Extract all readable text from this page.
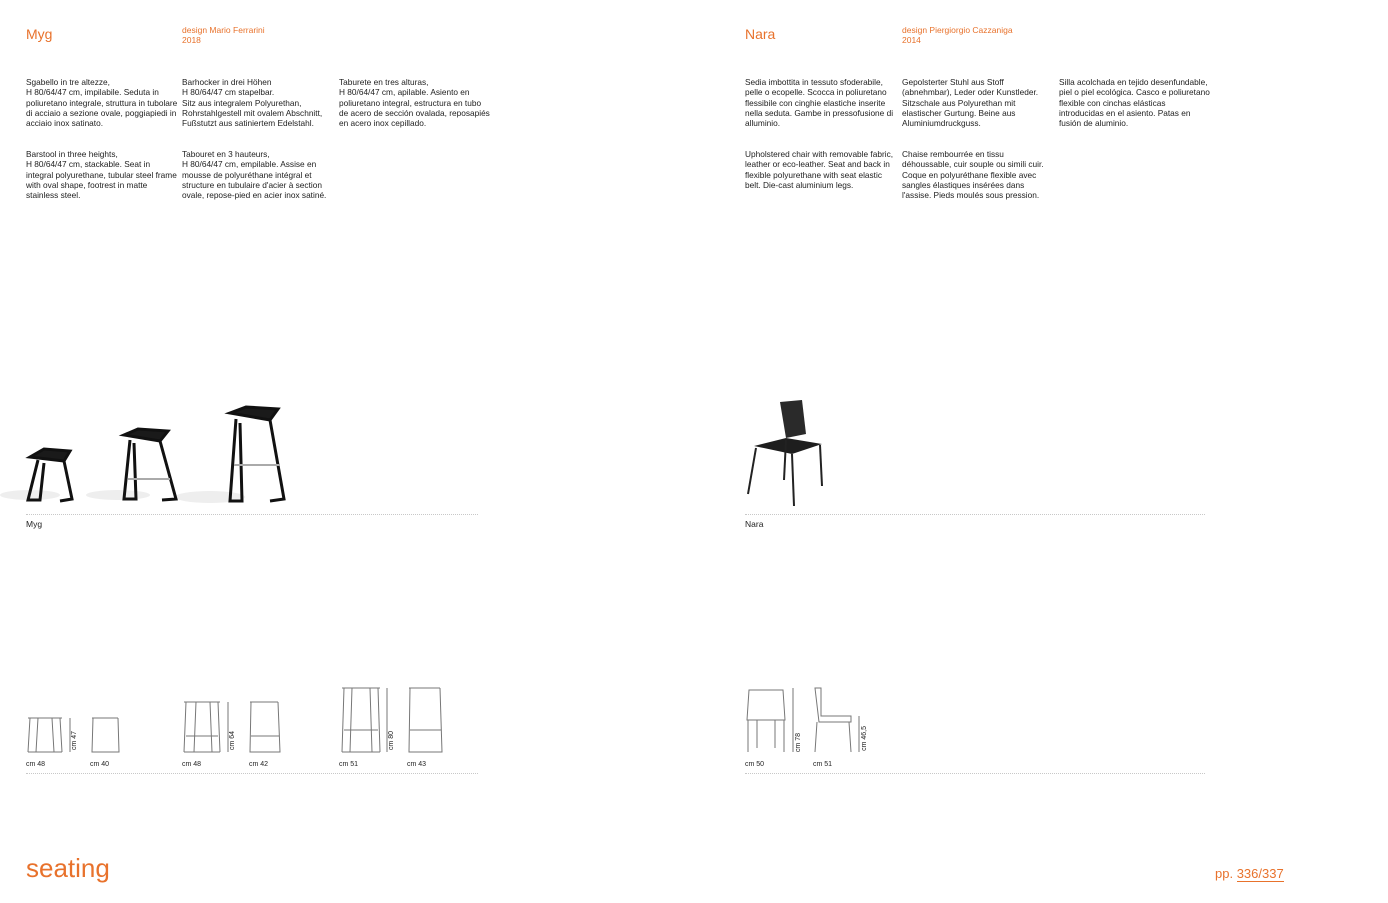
Myg	design Mario Ferrarini
2018
Sgabello in tre altezze,
H 80/64/47 cm, impilabile. Seduta in poliuretano integrale, struttura in tubolare di acciaio a sezione ovale, poggiapiedi in acciaio inox satinato.
Barstool in three heights,
H 80/64/47 cm, stackable. Seat in integral polyurethane, tubular steel frame with oval shape, footrest in matte stainless steel.
Barhocker in drei Höhen
H 80/64/47 cm stapelbar.
Sitz aus integralem Polyurethan, Rohrstahlgestell mit ovalem Abschnitt, Fußstutzt aus satiniertem Edelstahl.
Tabouret en 3 hauteurs,
H 80/64/47 cm, empilable. Assise en mousse de polyuréthane intégral et structure en tubulaire d'acier à section ovale, repose-pied en acier inox satiné.
Taburete en tres alturas,
H 80/64/47 cm, apilable. Asiento en poliuretano integral, estructura en tubo de acero de sección ovalada, reposapiés en acero inox cepillado.
Myg
cm 47	cm 64	cm 80
cm 48	cm 40	cm 48	cm 42	cm 51	cm 43
Nara	design Piergiorgio Cazzaniga
2014
Sedia imbottita in tessuto sfoderabile, pelle o ecopelle. Scocca in poliuretano flessibile con cinghie elastiche inserite nella seduta. Gambe in pressofusione di alluminio.
Upholstered chair with removable fabric, leather or eco-leather. Seat and back in flexible polyurethane with seat elastic belt. Die-cast aluminium legs.
Gepolsterter Stuhl aus Stoff (abnehmbar), Leder oder Kunstleder. Sitzschale aus Polyurethan mit elastischer Gurtung. Beine aus Aluminiumdruckguss.
Chaise rembourrée en tissu déhoussable, cuir souple ou simili cuir. Coque en polyuréthane flexible avec sangles élastiques insérées dans l'assise. Pieds moulés sous pression.
Silla acolchada en tejido desenfundable, piel o piel ecológica. Casco e poliuretano flexible con cinchas elásticas introducidas en el asiento. Patas en fusión de aluminio.
Nara
cm 78	cm 46,5
cm 50	cm 51
seating	pp. 336/337
